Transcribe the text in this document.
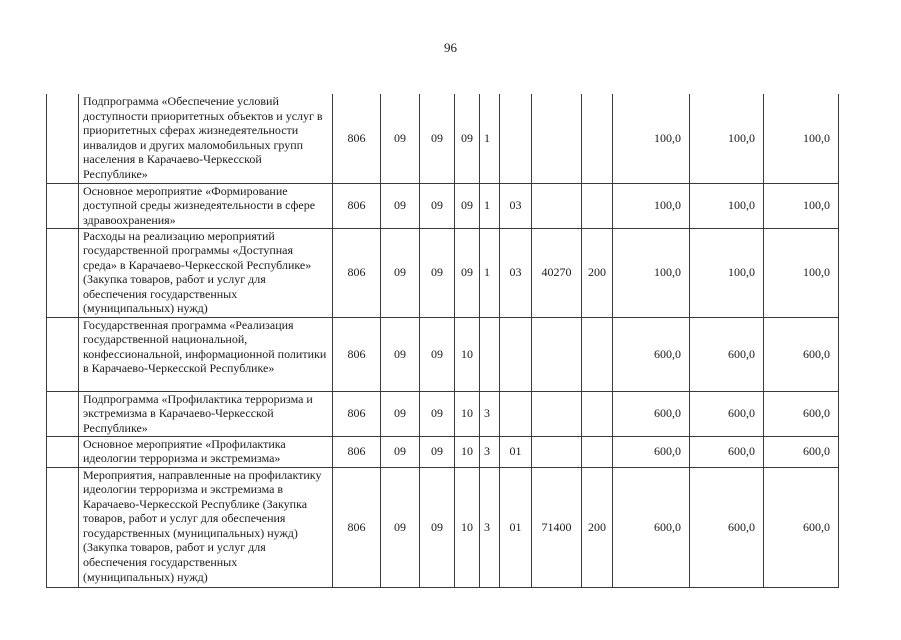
96
	Подпрограмма «Обеспечение условий доступности приоритетных объектов и услуг в приоритетных сферах жизнедеятельности инвалидов и других маломобильных групп населения в Карачаево-Черкесской Республике»	806	09	09	09	1				100,0	100,0	100,0
	Основное мероприятие «Формирование доступной среды жизнедеятельности в сфере здравоохранения»	806	09	09	09	1	03			100,0	100,0	100,0
	Расходы на реализацию мероприятий государственной программы «Доступная среда» в Карачаево-Черкесской Республике» (Закупка товаров, работ и услуг для обеспечения государственных (муниципальных) нужд)	806	09	09	09	1	03	40270	200	100,0	100,0	100,0
	Государственная программа «Реализация государственной национальной, конфессиональной, информационной политики в Карачаево-Черкесской Республике»	806	09	09	10					600,0	600,0	600,0
	Подпрограмма «Профилактика терроризма и экстремизма в Карачаево-Черкесской Республике»	806	09	09	10	3				600,0	600,0	600,0
	Основное мероприятие «Профилактика идеологии терроризма и экстремизма»	806	09	09	10	3	01			600,0	600,0	600,0
	Мероприятия, направленные на профилактику идеологии терроризма и экстремизма в Карачаево-Черкесской Республике (Закупка товаров, работ и услуг для обеспечения государственных (муниципальных) нужд) (Закупка товаров, работ и услуг для обеспечения государственных (муниципальных) нужд)	806	09	09	10	3	01	71400	200	600,0	600,0	600,0
